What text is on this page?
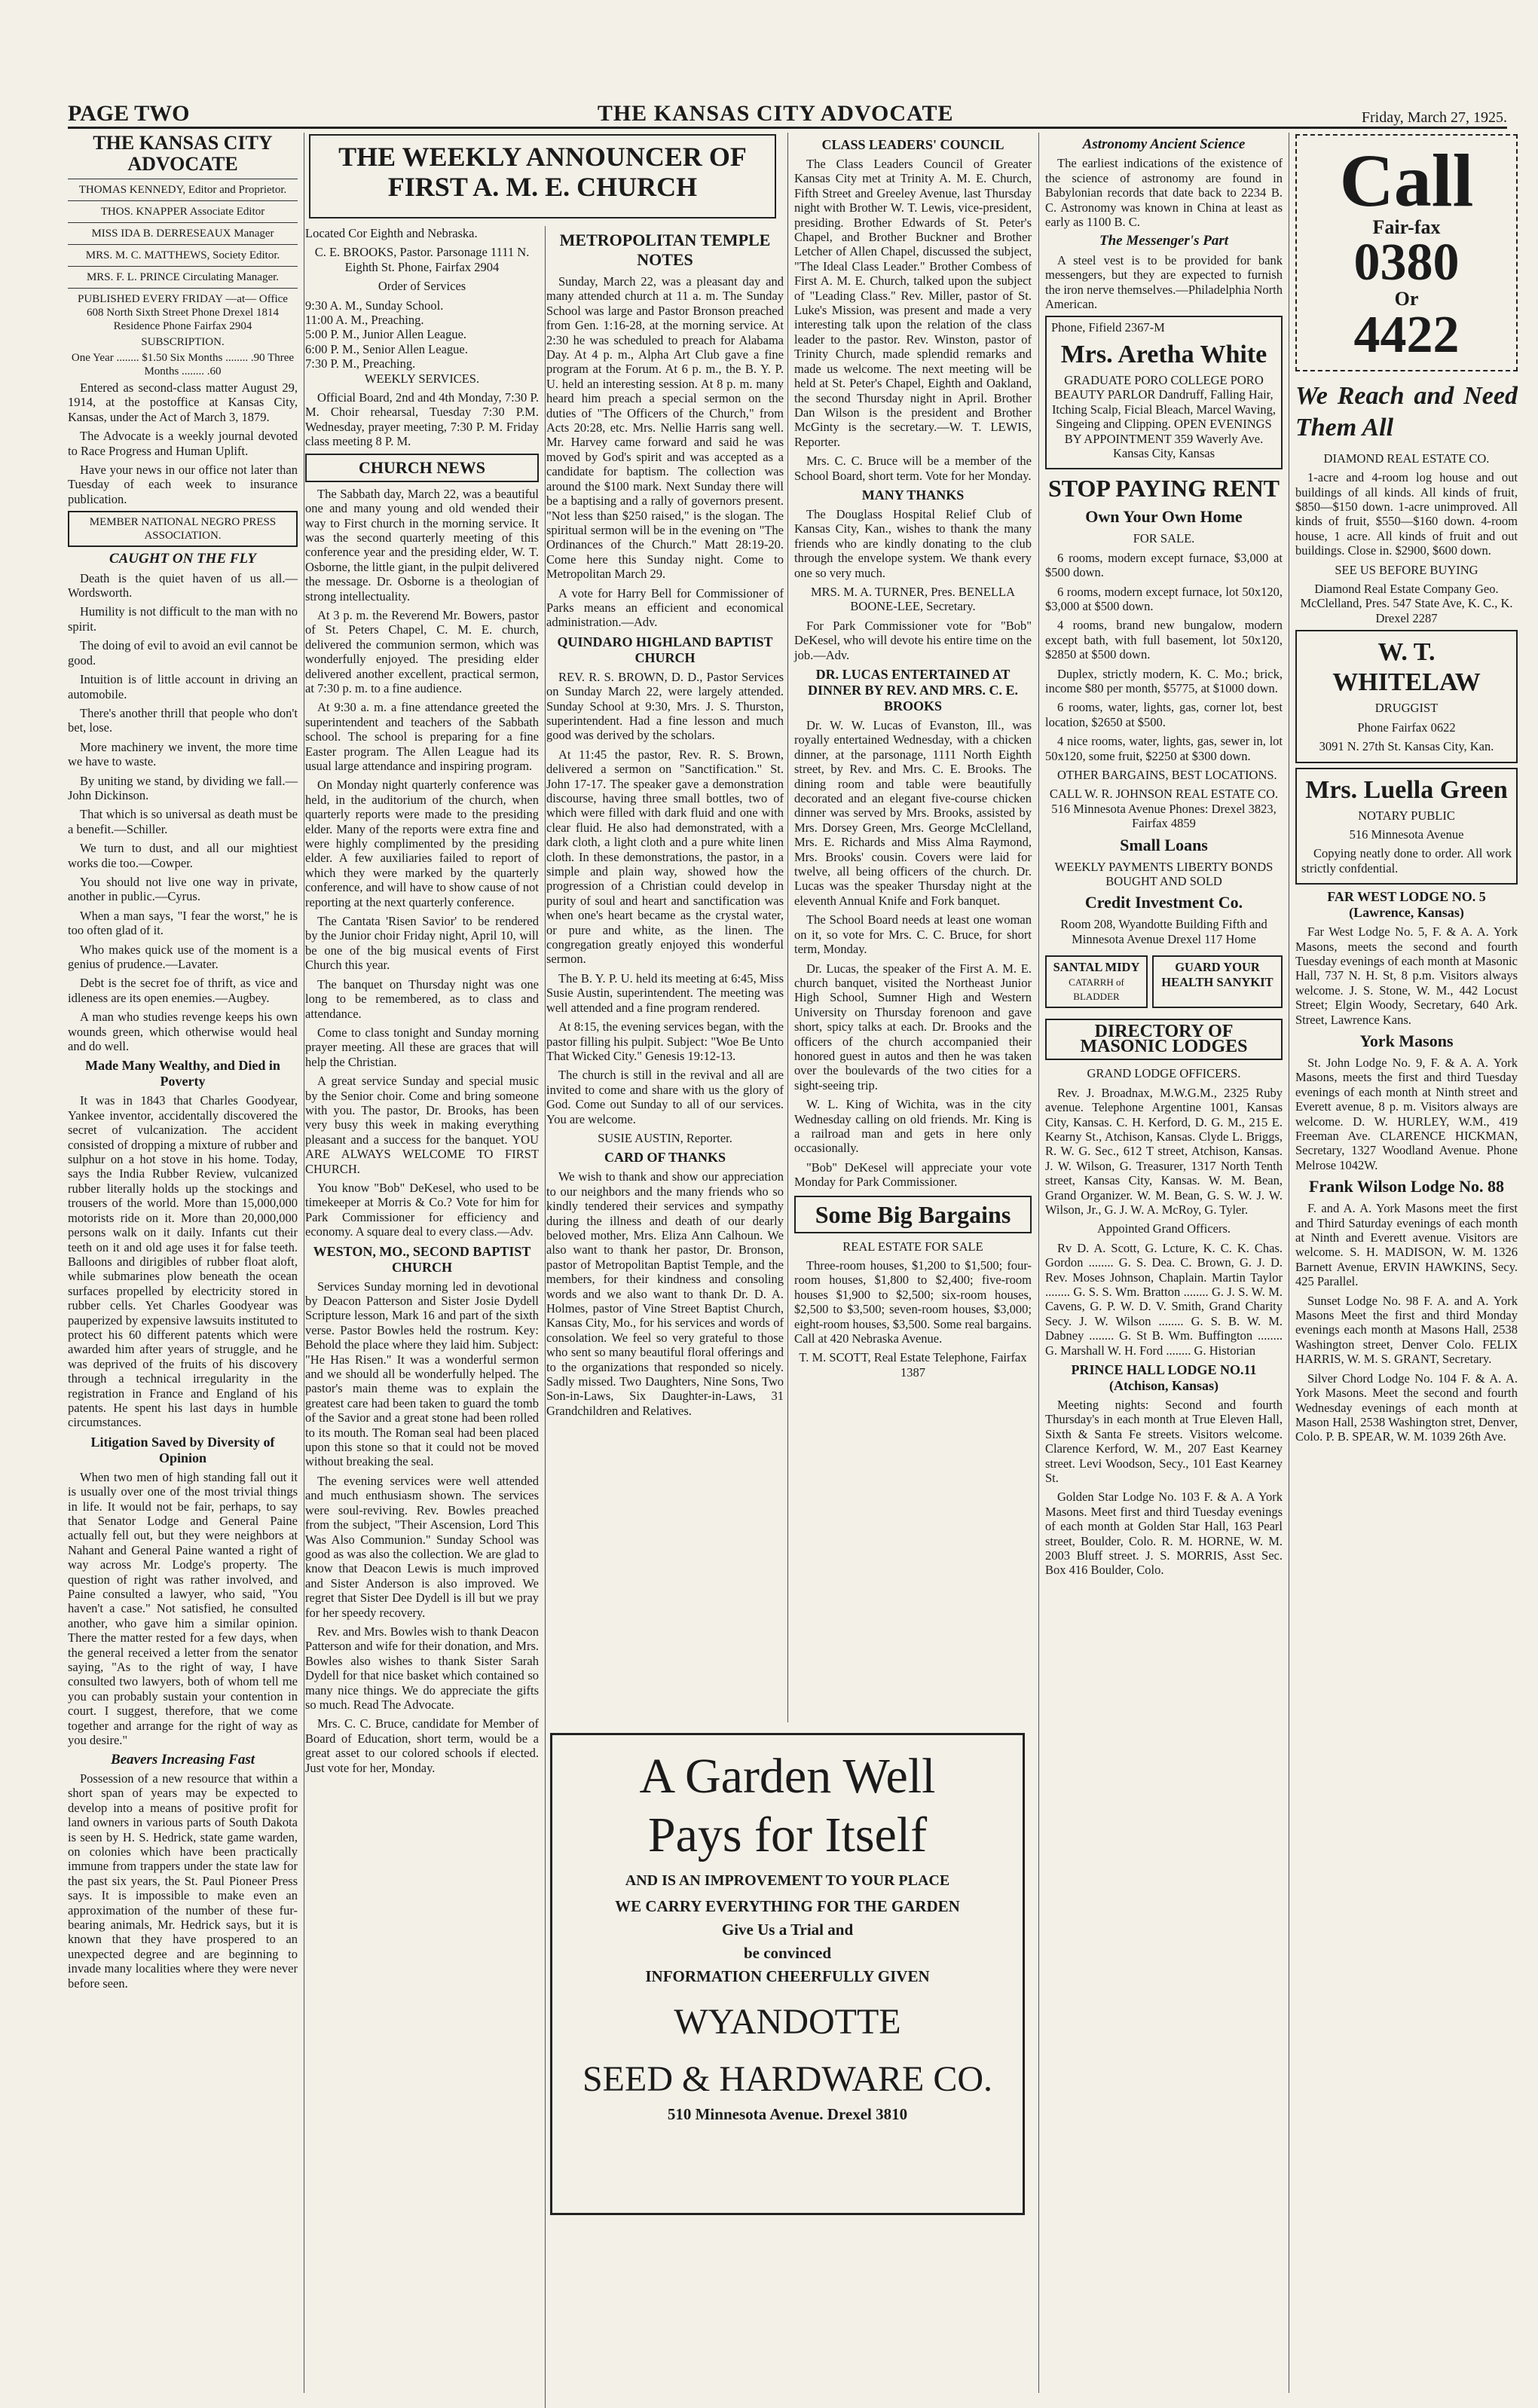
PAGE TWO	THE KANSAS CITY ADVOCATE	Friday, March 27, 1925.
THE KANSAS CITY ADVOCATE
THOMAS KENNEDY, Editor and Proprietor.
THOS. KNAPPER Associate Editor
MISS IDA B. DERRESEAUX Manager
MRS. M. C. MATTHEWS, Society Editor.
MRS. F. L. PRINCE Circulating Manager.
PUBLISHED EVERY FRIDAY —at— Office 608 North Sixth Street Phone Drexel 1814 Residence Phone Fairfax 2904
SUBSCRIPTION.
One Year ........ $1.50 Six Months ........ .90 Three Months ........ .60

Entered as second-class matter August 29, 1914, at the postoffice at Kansas City, Kansas, under the Act of March 3, 1879.

The Advocate is a weekly journal devoted to Race Progress and Human Uplift.

Have your news in our office not later than Tuesday of each week to insurance publication.

MEMBER NATIONAL NEGRO PRESS ASSOCIATION.
CAUGHT ON THE FLY

Death is the quiet haven of us all.—Wordsworth.

Humility is not difficult to the man with no spirit.

The doing of evil to avoid an evil cannot be good.

Intuition is of little account in driving an automobile.

There's another thrill that people who don't bet, lose.

More machinery we invent, the more time we have to waste.

By uniting we stand, by dividing we fall.—John Dickinson.

That which is so universal as death must be a benefit.—Schiller.

We turn to dust, and all our mightiest works die too.—Cowper.

You should not live one way in private, another in public.—Cyrus.

When a man says, "I fear the worst," he is too often glad of it.

Who makes quick use of the moment is a genius of prudence.—Lavater.

Debt is the secret foe of thrift, as vice and idleness are its open enemies.—Augbey.

A man who studies revenge keeps his own wounds green, which otherwise would heal and do well.

Made Many Wealthy, and Died in Poverty

It was in 1843 that Charles Goodyear, Yankee inventor, accidentally discovered the secret of vulcanization. The accident consisted of dropping a mixture of rubber and sulphur on a hot stove in his home. Today, says the India Rubber Review, vulcanized rubber literally holds up the stockings and trousers of the world. More than 15,000,000 motorists ride on it. More than 20,000,000 persons walk on it daily. Infants cut their teeth on it and old age uses it for false teeth. Balloons and dirigibles of rubber float aloft, while submarines plow beneath the ocean surfaces propelled by electricity stored in rubber cells. Yet Charles Goodyear was pauperized by expensive lawsuits instituted to protect his 60 different patents which were awarded him after years of struggle, and he was deprived of the fruits of his discovery through a technical irregularity in the registration in France and England of his patents. He spent his last days in humble circumstances.

Litigation Saved by Diversity of Opinion

When two men of high standing fall out it is usually over one of the most trivial things in life. It would not be fair, perhaps, to say that Senator Lodge and General Paine actually fell out, but they were neighbors at Nahant and General Paine wanted a right of way across Mr. Lodge's property. The question of right was rather involved, and Paine consulted a lawyer, who said, "You haven't a case." Not satisfied, he consulted another, who gave him a similar opinion. There the matter rested for a few days, when the general received a letter from the senator saying, "As to the right of way, I have consulted two lawyers, both of whom tell me you can probably sustain your contention in court. I suggest, therefore, that we come together and arrange for the right of way as you desire."

Beavers Increasing Fast

Possession of a new resource that within a short span of years may be expected to develop into a means of positive profit for land owners in various parts of South Dakota is seen by H. S. Hedrick, state game warden, on colonies which have been practically immune from trappers under the state law for the past six years, the St. Paul Pioneer Press says. It is impossible to make even an approximation of the number of these fur-bearing animals, Mr. Hedrick says, but it is known that they have prospered to an unexpected degree and are beginning to invade many localities where they were never before seen.

THE WEEKLY ANNOUNCER OF FIRST A. M. E. CHURCH

Located Cor Eighth and Nebraska.

C. E. BROOKS, Pastor. Parsonage 1111 N. Eighth St. Phone, Fairfax 2904

Order of Services

9:30 A. M., Sunday School.
11:00 A. M., Preaching.
5:00 P. M., Junior Allen League.
6:00 P. M., Senior Allen League.
7:30 P. M., Preaching.

WEEKLY SERVICES.

Official Board, 2nd and 4th Monday, 7:30 P. M. Choir rehearsal, Tuesday 7:30 P.M. Wednesday, prayer meeting, 7:30 P. M. Friday class meeting 8 P. M.

CHURCH NEWS

The Sabbath day, March 22, was a beautiful one and many young and old wended their way to First church in the morning service. It was the second quarterly meeting of this conference year and the presiding elder, W. T. Osborne, the little giant, in the pulpit delivered the message. Dr. Osborne is a theologian of strong intellectuality.

At 3 p. m. the Reverend Mr. Bowers, pastor of St. Peters Chapel, C. M. E. church, delivered the communion sermon, which was wonderfully enjoyed. The presiding elder delivered another excellent, practical sermon, at 7:30 p. m. to a fine audience.

At 9:30 a. m. a fine attendance greeted the superintendent and teachers of the Sabbath school. The school is preparing for a fine Easter program. The Allen League had its usual large attendance and inspiring program.

On Monday night quarterly conference was held, in the auditorium of the church, when quarterly reports were made to the presiding elder. Many of the reports were extra fine and were highly complimented by the presiding elder. A few auxiliaries failed to report of which they were marked by the quarterly conference, and will have to show cause of not reporting at the next quarterly conference.

The Cantata 'Risen Savior' to be rendered by the Junior choir Friday night, April 10, will be one of the big musical events of First Church this year.

The banquet on Thursday night was one long to be remembered, as to class and attendance.

Come to class tonight and Sunday morning prayer meeting. All these are graces that will help the Christian.

A great service Sunday and special music by the Senior choir. Come and bring someone with you. The pastor, Dr. Brooks, has been very busy this week in making everything pleasant and a success for the banquet. YOU ARE ALWAYS WELCOME TO FIRST CHURCH.

You know "Bob" DeKesel, who used to be timekeeper at Morris & Co.? Vote for him for Park Commissioner for efficiency and economy. A square deal to every class.—Adv.

WESTON, MO., SECOND BAPTIST CHURCH

Services Sunday morning led in devotional by Deacon Patterson and Sister Josie Dydell Scripture lesson, Mark 16 and part of the sixth verse. Pastor Bowles held the rostrum. Key: Behold the place where they laid him. Subject: "He Has Risen." It was a wonderful sermon and we should all be wonderfully helped. The pastor's main theme was to explain the greatest care had been taken to guard the tomb of the Savior and a great stone had been rolled to its mouth. The Roman seal had been placed upon this stone so that it could not be moved without breaking the seal.

The evening services were well attended and much enthusiasm shown. The services were soul-reviving. Rev. Bowles preached from the subject, "Their Ascension, Lord This Was Also Communion." Sunday School was good as was also the collection. We are glad to know that Deacon Lewis is much improved and Sister Anderson is also improved. We regret that Sister Dee Dydell is ill but we pray for her speedy recovery.

Rev. and Mrs. Bowles wish to thank Deacon Patterson and wife for their donation, and Mrs. Bowles also wishes to thank Sister Sarah Dydell for that nice basket which contained so many nice things. We do appreciate the gifts so much. Read The Advocate.

Mrs. C. C. Bruce, candidate for Member of Board of Education, short term, would be a great asset to our colored schools if elected. Just vote for her, Monday.

METROPOLITAN TEMPLE NOTES

Sunday, March 22, was a pleasant day and many attended church at 11 a. m. The Sunday School was large and Pastor Bronson preached from Gen. 1:16-28, at the morning service. At 2:30 he was scheduled to preach for Alabama Day. At 4 p. m., Alpha Art Club gave a fine program at the Forum. At 6 p. m., the B. Y. P. U. held an interesting session. At 8 p. m. many heard him preach a special sermon on the duties of "The Officers of the Church," from Acts 20:28, etc. Mrs. Nellie Harris sang well. Mr. Harvey came forward and said he was moved by God's spirit and was accepted as a candidate for baptism. The collection was around the $100 mark. Next Sunday there will be a baptising and a rally of governors present. "Not less than $250 raised," is the slogan. The spiritual sermon will be in the evening on "The Ordinances of the Church." Matt 28:19-20. Come here this Sunday night. Come to Metropolitan March 29.

A vote for Harry Bell for Commissioner of Parks means an efficient and economical administration.—Adv.

QUINDARO HIGHLAND BAPTIST CHURCH

REV. R. S. BROWN, D. D., Pastor Services on Sunday March 22, were largely attended. Sunday School at 9:30, Mrs. J. S. Thurston, superintendent. Had a fine lesson and much good was derived by the scholars.

At 11:45 the pastor, Rev. R. S. Brown, delivered a sermon on "Sanctification." St. John 17-17. The speaker gave a demonstration discourse, having three small bottles, two of which were filled with dark fluid and one with clear fluid. He also had demonstrated, with a dark cloth, a light cloth and a pure white linen cloth. In these demonstrations, the pastor, in a simple and plain way, showed how the progression of a Christian could develop in purity of soul and heart and sanctification was when one's heart became as the crystal water, or pure and white, as the linen. The congregation greatly enjoyed this wonderful sermon.

The B. Y. P. U. held its meeting at 6:45, Miss Susie Austin, superintendent. The meeting was well attended and a fine program rendered.

At 8:15, the evening services began, with the pastor filling his pulpit. Subject: "Woe Be Unto That Wicked City." Genesis 19:12-13.

The church is still in the revival and all are invited to come and share with us the glory of God. Come out Sunday to all of our services. You are welcome.

SUSIE AUSTIN, Reporter.

CARD OF THANKS

We wish to thank and show our appreciation to our neighbors and the many friends who so kindly tendered their services and sympathy during the illness and death of our dearly beloved mother, Mrs. Eliza Ann Calhoun. We also want to thank her pastor, Dr. Bronson, pastor of Metropolitan Baptist Temple, and the members, for their kindness and consoling words and we also want to thank Dr. D. A. Holmes, pastor of Vine Street Baptist Church, Kansas City, Mo., for his services and words of consolation. We feel so very grateful to those who sent so many beautiful floral offerings and to the organizations that responded so nicely. Sadly missed. Two Daughters, Nine Sons, Two Son-in-Laws, Six Daughter-in-Laws, 31 Grandchildren and Relatives.

CLASS LEADERS' COUNCIL

The Class Leaders Council of Greater Kansas City met at Trinity A. M. E. Church, Fifth Street and Greeley Avenue, last Thursday night with Brother W. T. Lewis, vice-president, presiding. Brother Edwards of St. Peter's Chapel, and Brother Buckner and Brother Letcher of Allen Chapel, discussed the subject, "The Ideal Class Leader." Brother Combess of First A. M. E. Church, talked upon the subject of "Leading Class." Rev. Miller, pastor of St. Luke's Mission, was present and made a very interesting talk upon the relation of the class leader to the pastor. Rev. Winston, pastor of Trinity Church, made splendid remarks and made us welcome. The next meeting will be held at St. Peter's Chapel, Eighth and Oakland, the second Thursday night in April. Brother Dan Wilson is the president and Brother McGinty is the secretary.—W. T. LEWIS, Reporter.

Mrs. C. C. Bruce will be a member of the School Board, short term. Vote for her Monday.

MANY THANKS

The Douglass Hospital Relief Club of Kansas City, Kan., wishes to thank the many friends who are kindly donating to the club through the envelope system. We thank every one so very much.

MRS. M. A. TURNER, Pres. BENELLA BOONE-LEE, Secretary.

For Park Commissioner vote for "Bob" DeKesel, who will devote his entire time on the job.—Adv.

DR. LUCAS ENTERTAINED AT DINNER BY REV. AND MRS. C. E. BROOKS

Dr. W. W. Lucas of Evanston, Ill., was royally entertained Wednesday, with a chicken dinner, at the parsonage, 1111 North Eighth street, by Rev. and Mrs. C. E. Brooks. The dining room and table were beautifully decorated and an elegant five-course chicken dinner was served by Mrs. Brooks, assisted by Mrs. Dorsey Green, Mrs. George McClelland, Mrs. E. Richards and Miss Alma Raymond, Mrs. Brooks' cousin. Covers were laid for twelve, all being officers of the church. Dr. Lucas was the speaker Thursday night at the eleventh Annual Knife and Fork banquet.

The School Board needs at least one woman on it, so vote for Mrs. C. C. Bruce, for short term, Monday.

Dr. Lucas, the speaker of the First A. M. E. church banquet, visited the Northeast Junior High School, Sumner High and Western University on Thursday forenoon and gave short, spicy talks at each. Dr. Brooks and the officers of the church accompanied their honored guest in autos and then he was taken over the boulevards of the two cities for a sight-seeing trip.

W. L. King of Wichita, was in the city Wednesday calling on old friends. Mr. King is a railroad man and gets in here only occasionally.

"Bob" DeKesel will appreciate your vote Monday for Park Commissioner.

Some Big Bargains

REAL ESTATE FOR SALE

Three-room houses, $1,200 to $1,500; four-room houses, $1,800 to $2,400; five-room houses $1,900 to $2,500; six-room houses, $2,500 to $3,500; seven-room houses, $3,000; eight-room houses, $3,500. Some real bargains. Call at 420 Nebraska Avenue.

T. M. SCOTT, Real Estate Telephone, Fairfax 1387

A Garden Well
Pays for Itself
AND IS AN IMPROVEMENT TO YOUR PLACE
WE CARRY EVERYTHING FOR THE GARDEN
Give Us a Trial and
be convinced
INFORMATION CHEERFULLY GIVEN
WYANDOTTE
SEED & HARDWARE CO.
510 Minnesota Avenue. Drexel 3810
Astronomy Ancient Science

The earliest indications of the existence of the science of astronomy are found in Babylonian records that date back to 2234 B. C. Astronomy was known in China at least as early as 1100 B. C.

The Messenger's Part

A steel vest is to be provided for bank messengers, but they are expected to furnish the iron nerve themselves.—Philadelphia North American.

Phone, Fifield 2367-M

Mrs. Aretha White

GRADUATE PORO COLLEGE PORO BEAUTY PARLOR Dandruff, Falling Hair, Itching Scalp, Ficial Bleach, Marcel Waving, Singeing and Clipping. OPEN EVENINGS BY APPOINTMENT 359 Waverly Ave. Kansas City, Kansas

STOP PAYING RENT
Own Your Own Home

FOR SALE.

6 rooms, modern except furnace, $3,000 at $500 down.

6 rooms, modern except furnace, lot 50x120, $3,000 at $500 down.

4 rooms, brand new bungalow, modern except bath, with full basement, lot 50x120, $2850 at $500 down.

Duplex, strictly modern, K. C. Mo.; brick, income $80 per month, $5775, at $1000 down.

6 rooms, water, lights, gas, corner lot, best location, $2650 at $500.

4 nice rooms, water, lights, gas, sewer in, lot 50x120, some fruit, $2250 at $300 down.

OTHER BARGAINS, BEST LOCATIONS.

CALL W. R. JOHNSON REAL ESTATE CO. 516 Minnesota Avenue Phones: Drexel 3823, Fairfax 4859

Small Loans

WEEKLY PAYMENTS LIBERTY BONDS BOUGHT AND SOLD

Credit Investment Co.

Room 208, Wyandotte Building Fifth and Minnesota Avenue Drexel 117 Home

SANTAL MIDY
CATARRH of BLADDER
GUARD YOUR HEALTH SANYKIT
DIRECTORY OF MASONIC LODGES

GRAND LODGE OFFICERS.

Rev. J. Broadnax, M.W.G.M., 2325 Ruby avenue. Telephone Argentine 1001, Kansas City, Kansas. C. H. Kerford, D. G. M., 215 E. Kearny St., Atchison, Kansas. Clyde L. Briggs, R. W. G. Sec., 612 T street, Atchison, Kansas. J. W. Wilson, G. Treasurer, 1317 North Tenth street, Kansas City, Kansas. W. M. Bean, Grand Organizer. W. M. Bean, G. S. W. J. W. Wilson, Jr., G. J. W. A. McRoy, G. Tyler.

Appointed Grand Officers.

Rv D. A. Scott, G. Lcture, K. C. K. Chas. Gordon ........ G. S. Dea. C. Brown, G. J. D. Rev. Moses Johnson, Chaplain. Martin Taylor ........ G. S. S. Wm. Bratton ........ G. J. S. W. M. Cavens, G. P. W. D. V. Smith, Grand Charity Secy. J. W. Wilson ........ G. S. B. W. M. Dabney ........ G. St B. Wm. Buffington ........ G. Marshall W. H. Ford ........ G. Historian

PRINCE HALL LODGE NO.11 (Atchison, Kansas)

Meeting nights: Second and fourth Thursday's in each month at True Eleven Hall, Sixth & Santa Fe streets. Visitors welcome. Clarence Kerford, W. M., 207 East Kearney street. Levi Woodson, Secy., 101 East Kearney St.

Golden Star Lodge No. 103 F. & A. A York Masons. Meet first and third Tuesday evenings of each month at Golden Star Hall, 163 Pearl street, Boulder, Colo. R. M. HORNE, W. M. 2003 Bluff street. J. S. MORRIS, Asst Sec. Box 416 Boulder, Colo.

Call
Fair-fax
0380
Or
4422
We Reach and Need Them All

DIAMOND REAL ESTATE CO.

1-acre and 4-room log house and out buildings of all kinds. All kinds of fruit, $850—$150 down. 1-acre unimproved. All kinds of fruit, $550—$160 down. 4-room house, 1 acre. All kinds of fruit and out buildings. Close in. $2900, $600 down.

SEE US BEFORE BUYING

Diamond Real Estate Company Geo. McClelland, Pres. 547 State Ave, K. C., K. Drexel 2287

W. T. WHITELAW

DRUGGIST

Phone Fairfax 0622

3091 N. 27th St. Kansas City, Kan.

Mrs. Luella Green

NOTARY PUBLIC

516 Minnesota Avenue

Copying neatly done to order. All work strictly confdential.

FAR WEST LODGE NO. 5 (Lawrence, Kansas)

Far West Lodge No. 5, F. & A. A. York Masons, meets the second and fourth Tuesday evenings of each month at Masonic Hall, 737 N. H. St, 8 p.m. Visitors always welcome. J. S. Stone, W. M., 442 Locust Street; Elgin Woody, Secretary, 640 Ark. Street, Lawrence Kans.

York Masons

St. John Lodge No. 9, F. & A. A. York Masons, meets the first and third Tuesday evenings of each month at Ninth street and Everett avenue, 8 p. m. Visitors always are welcome. D. W. HURLEY, W.M., 419 Freeman Ave. CLARENCE HICKMAN, Secretary, 1327 Woodland Avenue. Phone Melrose 1042W.

Frank Wilson Lodge No. 88

F. and A. A. York Masons meet the first and Third Saturday evenings of each month at Ninth and Everett avenue. Visitors are welcome. S. H. MADISON, W. M. 1326 Barnett Avenue, ERVIN HAWKINS, Secy. 425 Parallel.

Sunset Lodge No. 98 F. A. and A. York Masons Meet the first and third Monday evenings each month at Masons Hall, 2538 Washington street, Denver Colo. FELIX HARRIS, W. M. S. GRANT, Secretary.

Silver Chord Lodge No. 104 F. & A. A. York Masons. Meet the second and fourth Wednesday evenings of each month at Mason Hall, 2538 Washington stret, Denver, Colo. P. B. SPEAR, W. M. 1039 26th Ave.
